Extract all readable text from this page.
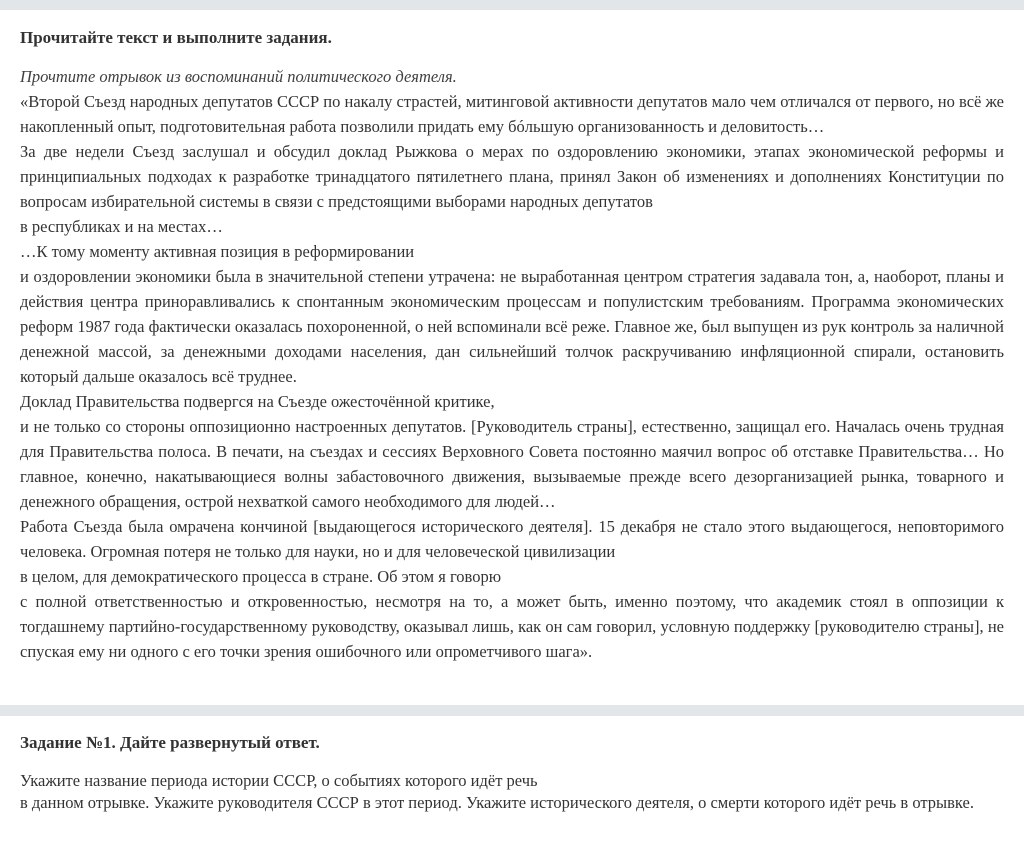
Прочитайте текст и выполните задания.
Прочтите отрывок из воспоминаний политического деятеля.
«Второй Съезд народных депутатов СССР по накалу страстей, митинговой активности депутатов мало чем отличался от первого, но всё же накопленный опыт, подготовительная работа позволили придать ему бóльшую организованность и деловитость…
За две недели Съезд заслушал и обсудил доклад Рыжкова о мерах по оздоровлению экономики, этапах экономической реформы и принципиальных подходах к разработке тринадцатого пятилетнего плана, принял Закон об изменениях и дополнениях Конституции по вопросам избирательной системы в связи с предстоящими выборами народных депутатов
в республиках и на местах…
…К тому моменту активная позиция в реформировании
и оздоровлении экономики была в значительной степени утрачена: не выработанная центром стратегия задавала тон, а, наоборот, планы и действия центра приноравливались к спонтанным экономическим процессам и популистским требованиям. Программа экономических реформ 1987 года фактически оказалась похороненной, о ней вспоминали всё реже. Главное же, был выпущен из рук контроль за наличной денежной массой, за денежными доходами населения, дан сильнейший толчок раскручиванию инфляционной спирали, остановить который дальше оказалось всё труднее.
Доклад Правительства подвергся на Съезде ожесточённой критике,
и не только со стороны оппозиционно настроенных депутатов. [Руководитель страны], естественно, защищал его. Началась очень трудная для Правительства полоса. В печати, на съездах и сессиях Верховного Совета постоянно маячил вопрос об отставке Правительства… Но главное, конечно, накатывающиеся волны забастовочного движения, вызываемые прежде всего дезорганизацией рынка, товарного и денежного обращения, острой нехваткой самого необходимого для людей…
Работа Съезда была омрачена кончиной [выдающегося исторического деятеля]. 15 декабря не стало этого выдающегося, неповторимого человека. Огромная потеря не только для науки, но и для человеческой цивилизации
в целом, для демократического процесса в стране. Об этом я говорю
с полной ответственностью и откровенностью, несмотря на то, а может быть, именно поэтому, что академик стоял в оппозиции к тогдашнему партийно-государственному руководству, оказывал лишь, как он сам говорил, условную поддержку [руководителю страны], не спуская ему ни одного с его точки зрения ошибочного или опрометчивого шага».
Задание №1. Дайте развернутый ответ.
Укажите название периода истории СССР, о событиях которого идёт речь
в данном отрывке. Укажите руководителя СССР в этот период. Укажите исторического деятеля, о смерти которого идёт речь в отрывке.
